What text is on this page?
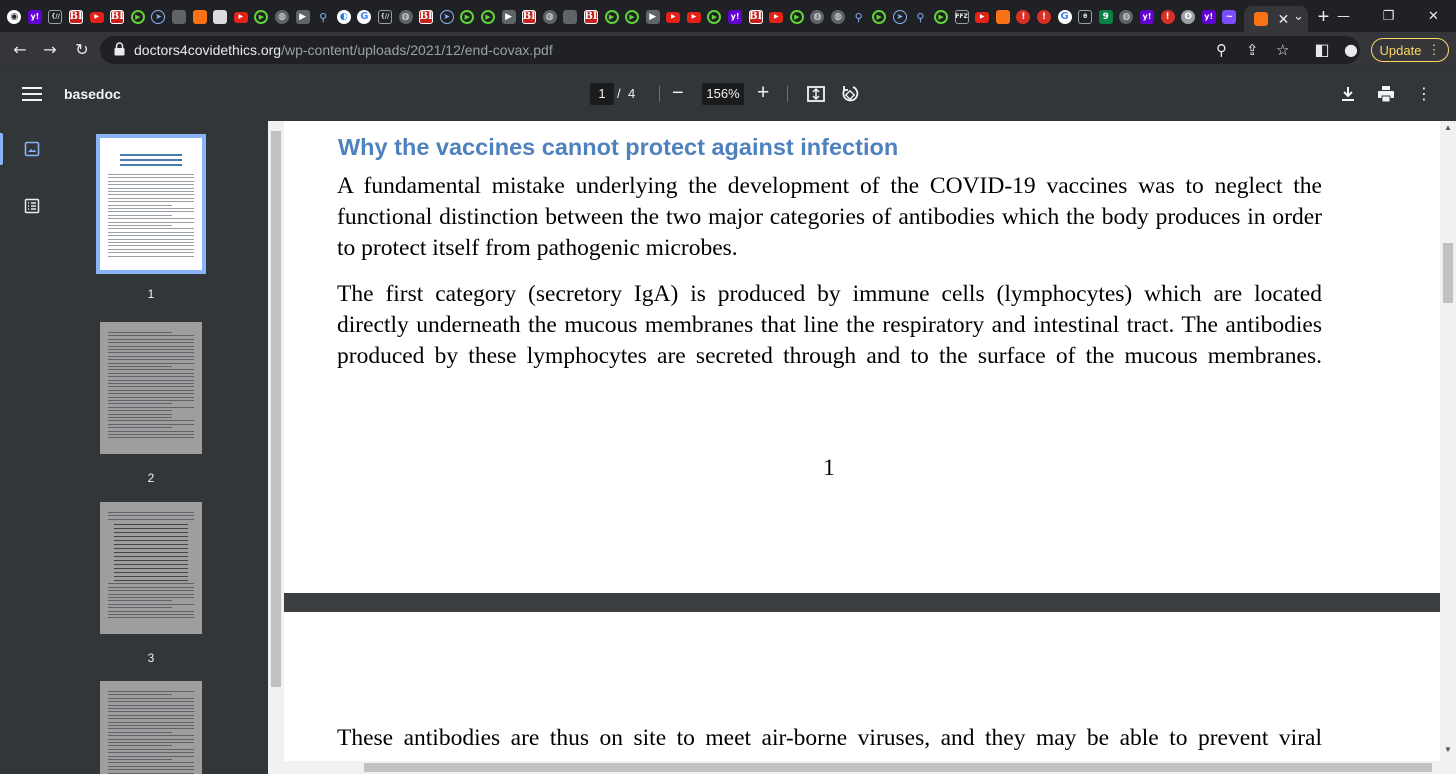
◉	y!	{// BI	▶	BI	▶	➤	▶	▶	◍	▶	⚲	◐	G	{//	◍	BI	➤	▶	▶	▶	BI	◍	BI	▶	▶	▶	▶	▶	▶	y! BI	▶	▶	◍	◍ ⚲	▶	➤	⚲	▶	FFZ	▶	!	!	G	θ	9	◍	y!	!	ʘ	y!	~	✕ +
⌄	—	❐	✕
← → ↻	doctors4covidethics.org/wp-content/uploads/2021/12/end-covax.pdf	⚲ ⇪ ☆ ◧ ● Update ⋮
basedoc	1 / 4 −	156% +	⋮
1
2
3
Why the vaccines cannot protect against infection
A fundamental mistake underlying the development of the COVID-19 vaccines was to neglect the
functional distinction between the two major categories of antibodies which the body produces in order
to protect itself from pathogenic microbes.
The first category (secretory IgA) is produced by immune cells (lymphocytes) which are located
directly underneath the mucous membranes that line the respiratory and intestinal tract. The antibodies
produced by these lymphocytes are secreted through and to the surface of the mucous membranes.
1
These antibodies are thus on site to meet air-borne viruses, and they may be able to prevent viral
▲
▼
